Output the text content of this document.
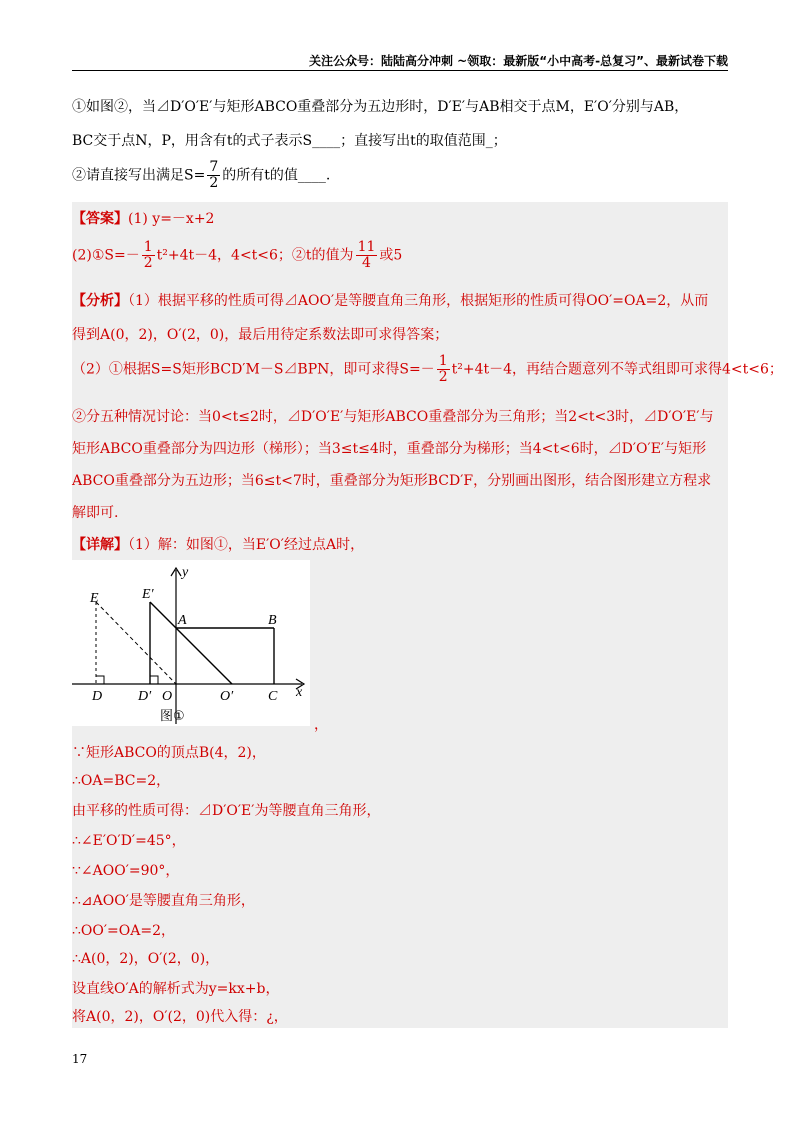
关注公众号：陆陆高分冲刺 ~领取：最新版“小中高考-总复习”、最新试卷下载
①如图②，当⊿D′O′E′与矩形ABCO重叠部分为五边形时，D′E′与AB相交于点M，E′O′分别与AB，
BC交于点N，P，用含有t的式子表示S____；直接写出t的取值范围_；
②请直接写出满足$S= \frac{7}{2}$ 的所有t的值____.
【答案】(1) y=－x+2
(2)①S=－ $\frac{1}{2} t^2+4t-4$，4<t<6；②t的值为 $\frac{11}{4}$ 或5
【分析】（1）根据平移的性质可得⊿AOO′是等腰直角三角形，根据矩形的性质可得OO′=OA=2，从而
得到A(0，2)，O′(2，0)，最后用待定系数法即可求得答案；
（2）①根据S=S矩形BCD′M－S⊿BPN，即可求得$S=- \frac{1}{2} t^2+4t-4$，再结合题意列不等式组即可求得4<t<6；
②分五种情况讨论：当0<t≤2时，⊿D′O′E′与矩形ABCO重叠部分为三角形；当2<t<3时，⊿D′O′E′与
矩形ABCO重叠部分为四边形（梯形）；当3≤t≤4时，重叠部分为梯形；当4<t<6时，⊿D′O′E′与矩形
ABCO重叠部分为五边形；当6≤t<7时，重叠部分为矩形BCD′F，分别画出图形，结合图形建立方程求
解即可.
【详解】（1）解：如图①，当E′O′经过点A时，
y
x
E	E′
A	B
D	D′ O	O′ C
图①
，
∵矩形ABCO的顶点B(4，2)，
∴OA=BC=2，
由平移的性质可得：⊿D′O′E′为等腰直角三角形，
∴∠E′O′D′=45°，
∵∠AOO′=90°，
∴⊿AOO′是等腰直角三角形，
∴OO′=OA=2，
∴A(0，2)，O′(2，0)，
设直线O′A的解析式为y=kx+b，
将A(0，2)，O′(2，0)代入得：¿，
17
